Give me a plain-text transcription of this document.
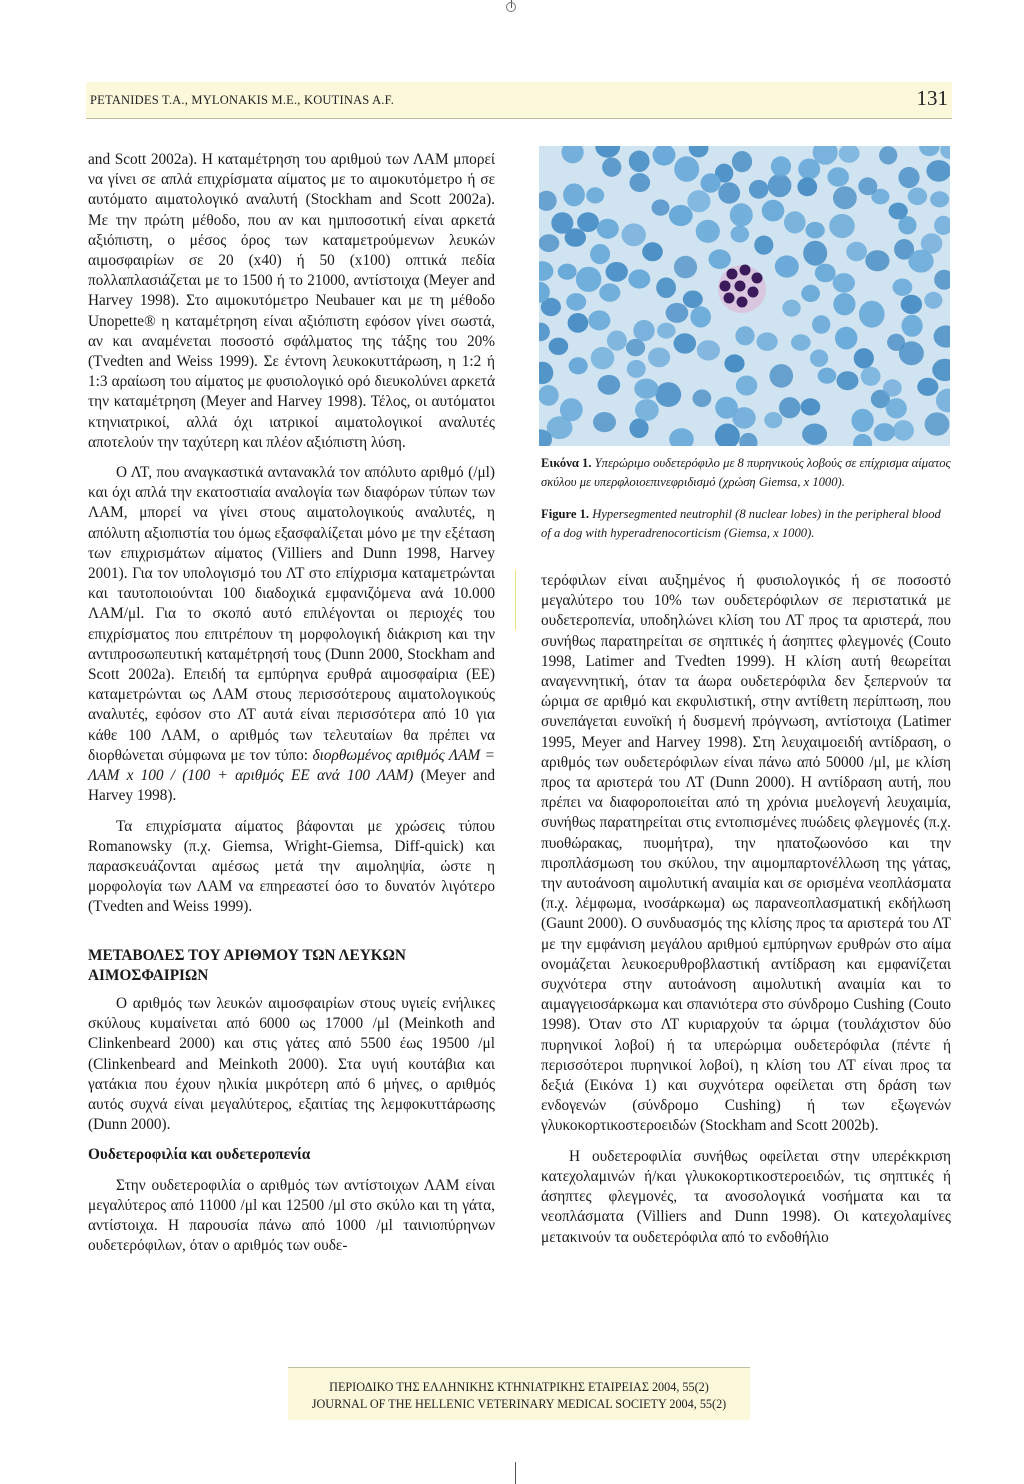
PETANIDES T.A., MYLONAKIS M.E., KOUTINAS A.F.	131

and Scott 2002a). Η καταμέτρηση του αριθμού των ΛΑΜ μπορεί να γίνει σε απλά επιχρίσματα αίματος με το αιμοκυτόμετρο ή σε αυτόματο αιματολογικό αναλυτή (Stockham and Scott 2002a). Με την πρώτη μέθοδο, που αν και ημιποσοτική είναι αρκετά αξιόπιστη, ο μέσος όρος των καταμετρούμενων λευκών αιμοσφαιρίων σε 20 (x40) ή 50 (x100) οπτικά πεδία πολλαπλασιάζεται με το 1500 ή το 21000, αντίστοιχα (Meyer and Harvey 1998). Στο αιμοκυτόμετρο Neubauer και με τη μέθοδο Unopette® η καταμέτρηση είναι αξιόπιστη εφόσον γίνει σωστά, αν και αναμένεται ποσοστό σφάλματος της τάξης του 20% (Tvedten and Weiss 1999). Σε έντονη λευκοκυττάρωση, η 1:2 ή 1:3 αραίωση του αίματος με φυσιολογικό ορό διευκολύνει αρκετά την καταμέτρηση (Meyer and Harvey 1998). Τέλος, οι αυτόματοι κτηνιατρικοί, αλλά όχι ιατρικοί αιματολογικοί αναλυτές αποτελούν την ταχύτερη και πλέον αξιόπιστη λύση.

Ο ΛΤ, που αναγκαστικά αντανακλά τον απόλυτο αριθμό (/μl) και όχι απλά την εκατοστιαία αναλογία των διαφόρων τύπων των ΛΑΜ, μπορεί να γίνει στους αιματολογικούς αναλυτές, η απόλυτη αξιοπιστία του όμως εξασφαλίζεται μόνο με την εξέταση των επιχρισμάτων αίματος (Villiers and Dunn 1998, Harvey 2001). Για τον υπολογισμό του ΛΤ στο επίχρισμα καταμετρώνται και ταυτοποιούνται 100 διαδοχικά εμφανιζόμενα ανά 10.000 ΛΑΜ/μl. Για το σκοπό αυτό επιλέγονται οι περιοχές του επιχρίσματος που επιτρέπουν τη μορφολογική διάκριση και την αντιπροσωπευτική καταμέτρησή τους (Dunn 2000, Stockham and Scott 2002a). Επειδή τα εμπύρηνα ερυθρά αιμοσφαίρια (ΕΕ) καταμετρώνται ως ΛΑΜ στους περισσότερους αιματολογικούς αναλυτές, εφόσον στο ΛΤ αυτά είναι περισσότερα από 10 για κάθε 100 ΛΑΜ, ο αριθμός των τελευταίων θα πρέπει να διορθώνεται σύμφωνα με τον τύπο: διορθωμένος αριθμός ΛΑΜ = ΛΑΜ x 100 / (100 + αριθμός ΕΕ ανά 100 ΛΑΜ) (Meyer and Harvey 1998).

Τα επιχρίσματα αίματος βάφονται με χρώσεις τύπου Romanowsky (π.χ. Giemsa, Wright-Giemsa, Diff-quick) και παρασκευάζονται αμέσως μετά την αιμοληψία, ώστε η μορφολογία των ΛΑΜ να επηρεαστεί όσο το δυνατόν λιγότερο (Tvedten and Weiss 1999).

ΜΕΤΑΒΟΛΕΣ ΤΟΥ ΑΡΙΘΜΟΥ ΤΩΝ ΛΕΥΚΩΝ ΑΙΜΟΣΦΑΙΡΙΩΝ

Ο αριθμός των λευκών αιμοσφαιρίων στους υγιείς ενήλικες σκύλους κυμαίνεται από 6000 ως 17000 /μl (Meinkoth and Clinkenbeard 2000) και στις γάτες από 5500 έως 19500 /μl (Clinkenbeard and Meinkoth 2000). Στα υγιή κουτάβια και γατάκια που έχουν ηλικία μικρότερη από 6 μήνες, ο αριθμός αυτός συχνά είναι μεγαλύτερος, εξαιτίας της λεμφοκυττάρωσης (Dunn 2000).

Ουδετεροφιλία και ουδετεροπενία

Στην ουδετεροφιλία ο αριθμός των αντίστοιχων ΛΑΜ είναι μεγαλύτερος από 11000 /μl και 12500 /μl στο σκύλο και τη γάτα, αντίστοιχα. Η παρουσία πάνω από 1000 /μl ταινιοπύρηνων ουδετερόφιλων, όταν ο αριθμός των ουδε-

Εικόνα 1. Υπερώριμο ουδετερόφιλο με 8 πυρηνικούς λοβούς σε επίχρισμα αίματος σκύλου με υπερφλοιοεπινεφριδισμό (χρώση Giemsa, x 1000).

Figure 1. Hypersegmented neutrophil (8 nuclear lobes) in the peripheral blood of a dog with hyperadrenocorticism (Giemsa, x 1000).

τερόφιλων είναι αυξημένος ή φυσιολογικός ή σε ποσοστό μεγαλύτερο του 10% των ουδετερόφιλων σε περιστατικά με ουδετεροπενία, υποδηλώνει κλίση του ΛΤ προς τα αριστερά, που συνήθως παρατηρείται σε σηπτικές ή άσηπτες φλεγμονές (Couto 1998, Latimer and Tvedten 1999). Η κλίση αυτή θεωρείται αναγεννητική, όταν τα άωρα ουδετερόφιλα δεν ξεπερνούν τα ώριμα σε αριθμό και εκφυλιστική, στην αντίθετη περίπτωση, που συνεπάγεται ευνοϊκή ή δυσμενή πρόγνωση, αντίστοιχα (Latimer 1995, Meyer and Harvey 1998). Στη λευχαιμοειδή αντίδραση, ο αριθμός των ουδετερόφιλων είναι πάνω από 50000 /μl, με κλίση προς τα αριστερά του ΛΤ (Dunn 2000). Η αντίδραση αυτή, που πρέπει να διαφοροποιείται από τη χρόνια μυελογενή λευχαιμία, συνήθως παρατηρείται στις εντοπισμένες πυώδεις φλεγμονές (π.χ. πυοθώρακας, πυομήτρα), την ηπατοζωονόσο και την πιροπλάσμωση του σκύλου, την αιμομπαρτονέλλωση της γάτας, την αυτοάνοση αιμολυτική αναιμία και σε ορισμένα νεοπλάσματα (π.χ. λέμφωμα, ινοσάρκωμα) ως παρανεοπλασματική εκδήλωση (Gaunt 2000). Ο συνδυασμός της κλίσης προς τα αριστερά του ΛΤ με την εμφάνιση μεγάλου αριθμού εμπύρηνων ερυθρών στο αίμα ονομάζεται λευκοερυθροβλαστική αντίδραση και εμφανίζεται συχνότερα στην αυτοάνοση αιμολυτική αναιμία και το αιμαγγειοσάρκωμα και σπανιότερα στο σύνδρομο Cushing (Couto 1998). Όταν στο ΛΤ κυριαρχούν τα ώριμα (τουλάχιστον δύο πυρηνικοί λοβοί) ή τα υπερώριμα ουδετερόφιλα (πέντε ή περισσότεροι πυρηνικοί λοβοί), η κλίση του ΛΤ είναι προς τα δεξιά (Εικόνα 1) και συχνότερα οφείλεται στη δράση των ενδογενών (σύνδρομο Cushing) ή των εξωγενών γλυκοκορτικοστεροειδών (Stockham and Scott 2002b).

Η ουδετεροφιλία συνήθως οφείλεται στην υπερέκκριση κατεχολαμινών ή/και γλυκοκορτικοστεροειδών, τις σηπτικές ή άσηπτες φλεγμονές, τα ανοσολογικά νοσήματα και τα νεοπλάσματα (Villiers and Dunn 1998). Οι κατεχολαμίνες μετακινούν τα ουδετερόφιλα από το ενδοθήλιο

ΠΕΡΙΟΔΙΚΟ ΤΗΣ ΕΛΛΗΝΙΚΗΣ ΚΤΗΝΙΑΤΡΙΚΗΣ ΕΤΑΙΡΕΙΑΣ 2004, 55(2)
JOURNAL OF THE HELLENIC VETERINARY MEDICAL SOCIETY 2004, 55(2)
